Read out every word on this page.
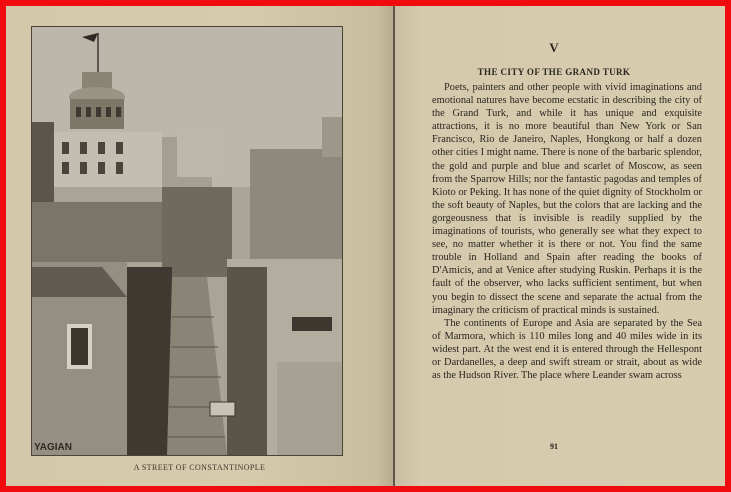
YAGIAN
A STREET OF CONSTANTINOPLE
V
THE CITY OF THE GRAND TURK

Poets, painters and other people with vivid imaginations and emotional natures have become ecstatic in describing the city of the Grand Turk, and while it has unique and exquisite attractions, it is no more beautiful than New York or San Francisco, Rio de Janeiro, Naples, Hongkong or half a dozen other cities I might name. There is none of the barbaric splendor, the gold and purple and blue and scarlet of Moscow, as seen from the Sparrow Hills; nor the fantastic pagodas and temples of Kioto or Peking. It has none of the quiet dignity of Stockholm or the soft beauty of Naples, but the colors that are lacking and the gorgeousness that is invisible is readily supplied by the imaginations of tourists, who generally see what they expect to see, no matter whether it is there or not. You find the same trouble in Holland and Spain after reading the books of D'Amicis, and at Venice after studying Ruskin. Perhaps it is the fault of the observer, who lacks sufficient sentiment, but when you begin to dissect the scene and separate the actual from the imaginary the criticism of practical minds is sustained.

The continents of Europe and Asia are separated by the Sea of Marmora, which is 110 miles long and 40 miles wide in its widest part. At the west end it is entered through the Hellespont or Dardanelles, a deep and swift stream or strait, about as wide as the Hudson River. The place where Leander swam across

91
